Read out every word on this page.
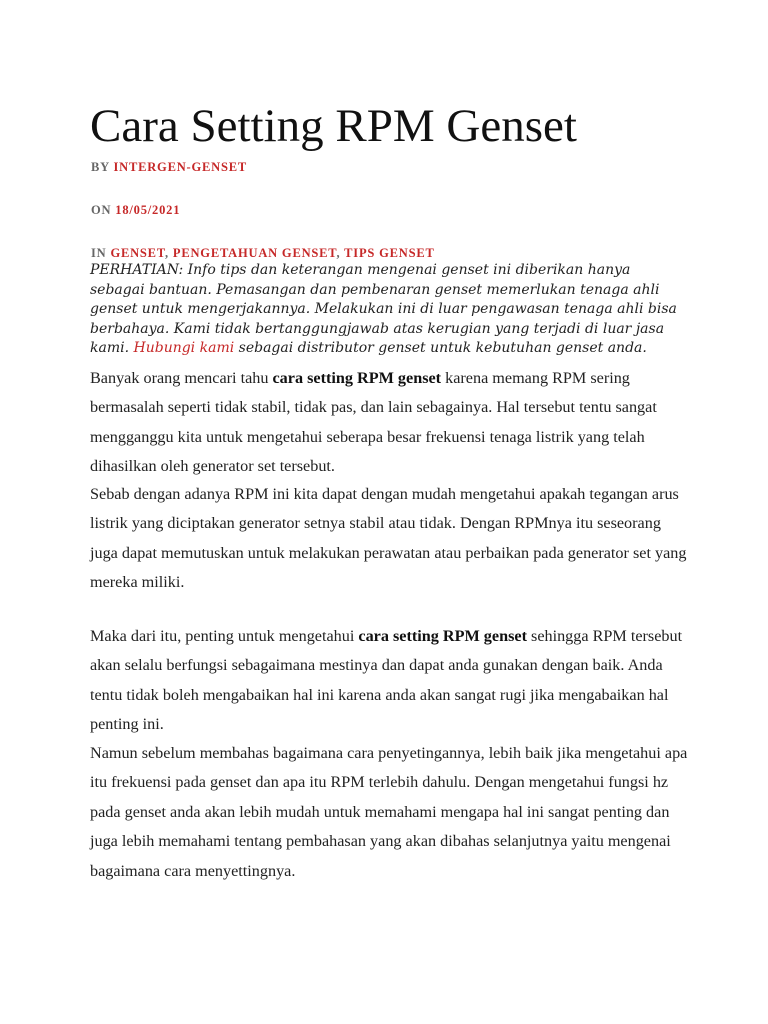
Cara Setting RPM Genset
BY INTERGEN-GENSET
ON 18/05/2021
IN GENSET, PENGETAHUAN GENSET, TIPS GENSET

PERHATIAN: Info tips dan keterangan mengenai genset ini diberikan hanya sebagai bantuan. Pemasangan dan pembenaran genset memerlukan tenaga ahli genset untuk mengerjakannya. Melakukan ini di luar pengawasan tenaga ahli bisa berbahaya. Kami tidak bertanggungjawab atas kerugian yang terjadi di luar jasa kami. Hubungi kami sebagai distributor genset untuk kebutuhan genset anda.

Banyak orang mencari tahu cara setting RPM genset karena memang RPM sering bermasalah seperti tidak stabil, tidak pas, dan lain sebagainya. Hal tersebut tentu sangat mengganggu kita untuk mengetahui seberapa besar frekuensi tenaga listrik yang telah dihasilkan oleh generator set tersebut.

Sebab dengan adanya RPM ini kita dapat dengan mudah mengetahui apakah tegangan arus listrik yang diciptakan generator setnya stabil atau tidak. Dengan RPMnya itu seseorang juga dapat memutuskan untuk melakukan perawatan atau perbaikan pada generator set yang mereka miliki.

Maka dari itu, penting untuk mengetahui cara setting RPM genset sehingga RPM tersebut akan selalu berfungsi sebagaimana mestinya dan dapat anda gunakan dengan baik. Anda tentu tidak boleh mengabaikan hal ini karena anda akan sangat rugi jika mengabaikan hal penting ini.

Namun sebelum membahas bagaimana cara penyetingannya, lebih baik jika mengetahui apa itu frekuensi pada genset dan apa itu RPM terlebih dahulu. Dengan mengetahui fungsi hz pada genset anda akan lebih mudah untuk memahami mengapa hal ini sangat penting dan juga lebih memahami tentang pembahasan yang akan dibahas selanjutnya yaitu mengenai bagaimana cara menyettingnya.
